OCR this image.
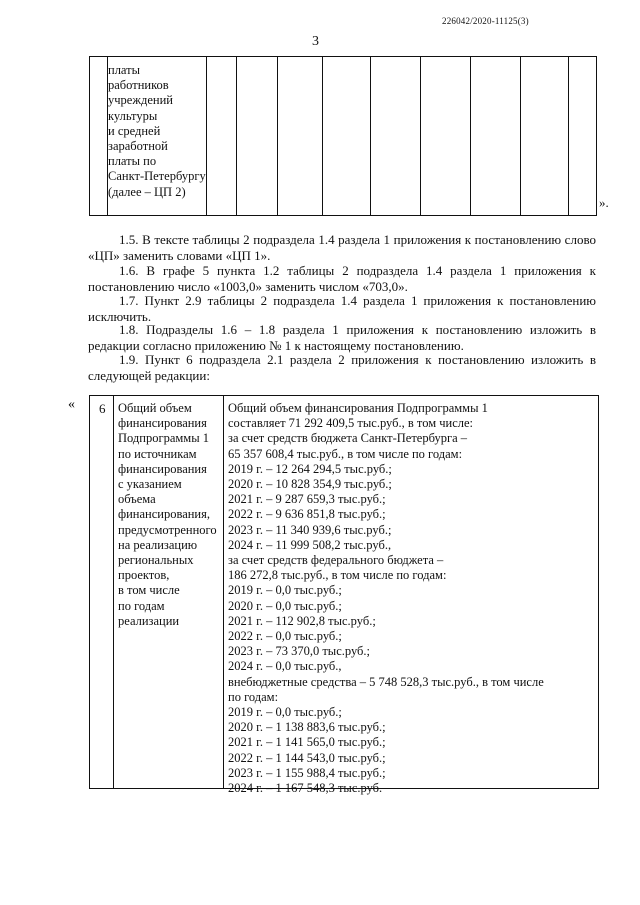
226042/2020-11125(3)
3
платы
работников
учреждений
культуры
и средней
заработной
платы по
Санкт-Петербургу
(далее – ЦП 2)
».
1.5. В тексте таблицы 2 подраздела 1.4 раздела 1 приложения к постановлению слово «ЦП» заменить словами «ЦП 1».
1.6. В графе 5 пункта 1.2 таблицы 2 подраздела 1.4 раздела 1 приложения к постановлению число «1003,0» заменить числом «703,0».
1.7. Пункт 2.9 таблицы 2 подраздела 1.4 раздела 1 приложения к постановлению исключить.
1.8. Подразделы 1.6 – 1.8 раздела 1 приложения к постановлению изложить в редакции согласно приложению № 1 к настоящему постановлению.
1.9. Пункт 6 подраздела 2.1 раздела 2 приложения к постановлению изложить в следующей редакции:
« 6 Общий объем
финансирования
Подпрограммы 1
по источникам
финансирования
с указанием
объема
финансирования,
предусмотренного
на реализацию
региональных
проектов,
в том числе
по годам
реализации
Общий объем финансирования Подпрограммы 1
составляет 71 292 409,5 тыс.руб., в том числе:
за счет средств бюджета Санкт-Петербурга –
65 357 608,4 тыс.руб., в том числе по годам:
2019 г. – 12 264 294,5 тыс.руб.;
2020 г. – 10 828 354,9 тыс.руб.;
2021 г. – 9 287 659,3 тыс.руб.;
2022 г. – 9 636 851,8 тыс.руб.;
2023 г. – 11 340 939,6 тыс.руб.;
2024 г. – 11 999 508,2 тыс.руб.,
за счет средств федерального бюджета –
186 272,8 тыс.руб., в том числе по годам:
2019 г. – 0,0 тыс.руб.;
2020 г. – 0,0 тыс.руб.;
2021 г. – 112 902,8 тыс.руб.;
2022 г. – 0,0 тыс.руб.;
2023 г. – 73 370,0 тыс.руб.;
2024 г. – 0,0 тыс.руб.,
внебюджетные средства – 5 748 528,3 тыс.руб., в том числе
по годам:
2019 г. – 0,0 тыс.руб.;
2020 г. – 1 138 883,6 тыс.руб.;
2021 г. – 1 141 565,0 тыс.руб.;
2022 г. – 1 144 543,0 тыс.руб.;
2023 г. – 1 155 988,4 тыс.руб.;
2024 г. – 1 167 548,3 тыс.руб.
